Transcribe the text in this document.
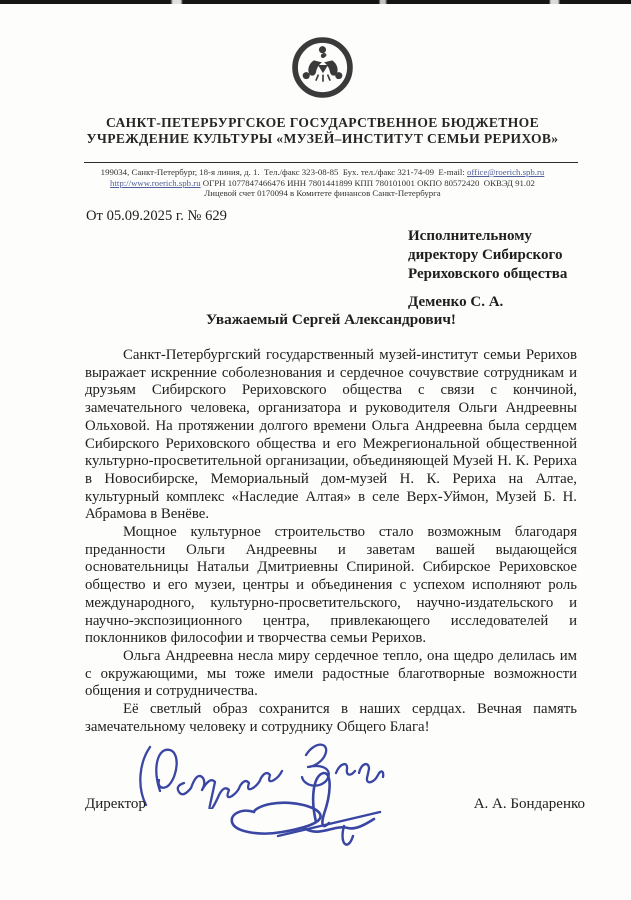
САНКТ-ПЕТЕРБУРГСКОЕ ГОСУДАРСТВЕННОЕ БЮДЖЕТНОЕ
УЧРЕЖДЕНИЕ КУЛЬТУРЫ «МУЗЕЙ–ИНСТИТУТ СЕМЬИ РЕРИХОВ»
199034, Санкт-Петербург, 18-я линия, д. 1.  Тел./факс 323-08-85  Бух. тел./факс 321-74-09  E-mail: office@roerich.spb.ru
http://www.roerich.spb.ru ОГРН 1077847466476 ИНН 7801441899 КПП 780101001 ОКПО 80572420  ОКВЭД 91.02
Лицевой счет 0170094 в Комитете финансов Санкт-Петербурга
От 05.09.2025 г. № 629
Исполнительному
директору Сибирского
Рериховского общества
Деменко С. А.
Уважаемый Сергей Александрович!

Санкт-Петербургский государственный музей-институт семьи Рерихов выражает искренние соболезнования и сердечное сочувствие сотрудникам и друзьям Сибирского Рериховского общества с связи с кончиной, замечательного человека, организатора и руководителя Ольги Андреевны Ольховой. На протяжении долгого времени Ольга Андреевна была сердцем Сибирского Рериховского общества и его Межрегиональной общественной культурно-просветительной организации, объединяющей Музей Н. К. Рериха в Новосибирске, Мемориальный дом-музей Н. К. Рериха на Алтае, культурный комплекс «Наследие Алтая» в селе Верх-Уймон, Музей Б. Н. Абрамова в Венёве.

Мощное культурное строительство стало возможным благодаря преданности Ольги Андреевны и заветам вашей выдающейся основательницы Натальи Дмитриевны Спириной. Сибирское Рериховское общество и его музеи, центры и объединения с успехом исполняют роль международного, культурно-просветительского, научно-издательского и научно-экспозиционного центра, привлекающего исследователей и поклонников философии и творчества семьи Рерихов.

Ольга Андреевна несла миру сердечное тепло, она щедро делилась им с окружающими, мы тоже имели радостные благотворные возможности общения и сотрудничества.

Её светлый образ сохранится в наших сердцах. Вечная память замечательному человеку и сотруднику Общего Блага!

Директор	А. А. Бондаренко
